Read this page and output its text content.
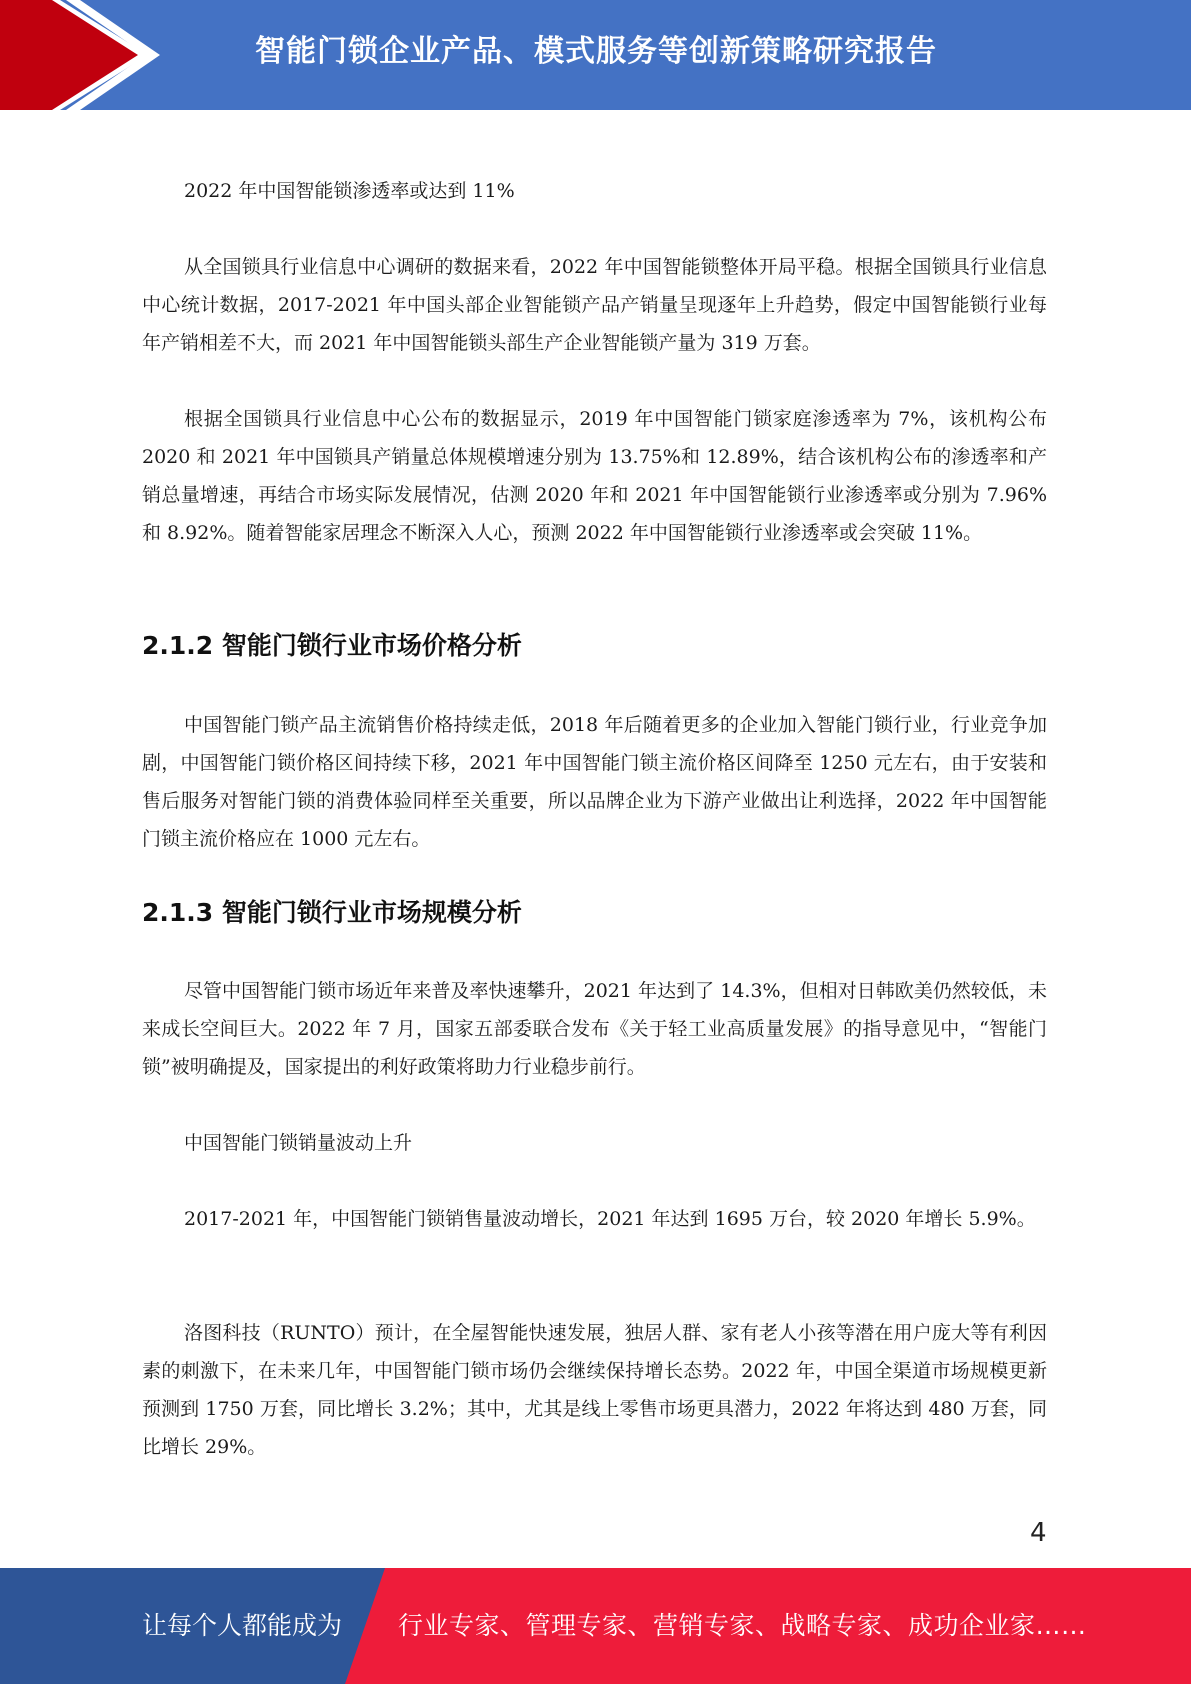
智能门锁企业产品、模式服务等创新策略研究报告

2022 年中国智能锁渗透率或达到 11%

从全国锁具行业信息中心调研的数据来看，2022 年中国智能锁整体开局平稳。根据全国锁具行业信息中心统计数据，2017-2021 年中国头部企业智能锁产品产销量呈现逐年上升趋势，假定中国智能锁行业每年产销相差不大，而 2021 年中国智能锁头部生产企业智能锁产量为 319 万套。

根据全国锁具行业信息中心公布的数据显示，2019 年中国智能门锁家庭渗透率为 7%，该机构公布 2020 和 2021 年中国锁具产销量总体规模增速分别为 13.75%和 12.89%，结合该机构公布的渗透率和产销总量增速，再结合市场实际发展情况，估测 2020 年和 2021 年中国智能锁行业渗透率或分别为 7.96%和 8.92%。随着智能家居理念不断深入人心，预测 2022 年中国智能锁行业渗透率或会突破 11%。

2.1.2 智能门锁行业市场价格分析

中国智能门锁产品主流销售价格持续走低，2018 年后随着更多的企业加入智能门锁行业，行业竞争加剧，中国智能门锁价格区间持续下移，2021 年中国智能门锁主流价格区间降至 1250 元左右，由于安装和售后服务对智能门锁的消费体验同样至关重要，所以品牌企业为下游产业做出让利选择，2022 年中国智能门锁主流价格应在 1000 元左右。

2.1.3 智能门锁行业市场规模分析

尽管中国智能门锁市场近年来普及率快速攀升，2021 年达到了 14.3%，但相对日韩欧美仍然较低，未来成长空间巨大。2022 年 7 月，国家五部委联合发布《关于轻工业高质量发展》的指导意见中，“智能门锁”被明确提及，国家提出的利好政策将助力行业稳步前行。

中国智能门锁销量波动上升

2017-2021 年，中国智能门锁销售量波动增长，2021 年达到 1695 万台，较 2020 年增长 5.9%。

洛图科技（RUNTO）预计，在全屋智能快速发展，独居人群、家有老人小孩等潜在用户庞大等有利因素的刺激下，在未来几年，中国智能门锁市场仍会继续保持增长态势。2022 年，中国全渠道市场规模更新预测到 1750 万套，同比增长 3.2%；其中，尤其是线上零售市场更具潜力，2022 年将达到 480 万套，同比增长 29%。

4
让每个人都能成为 行业专家、管理专家、营销专家、战略专家、成功企业家……
